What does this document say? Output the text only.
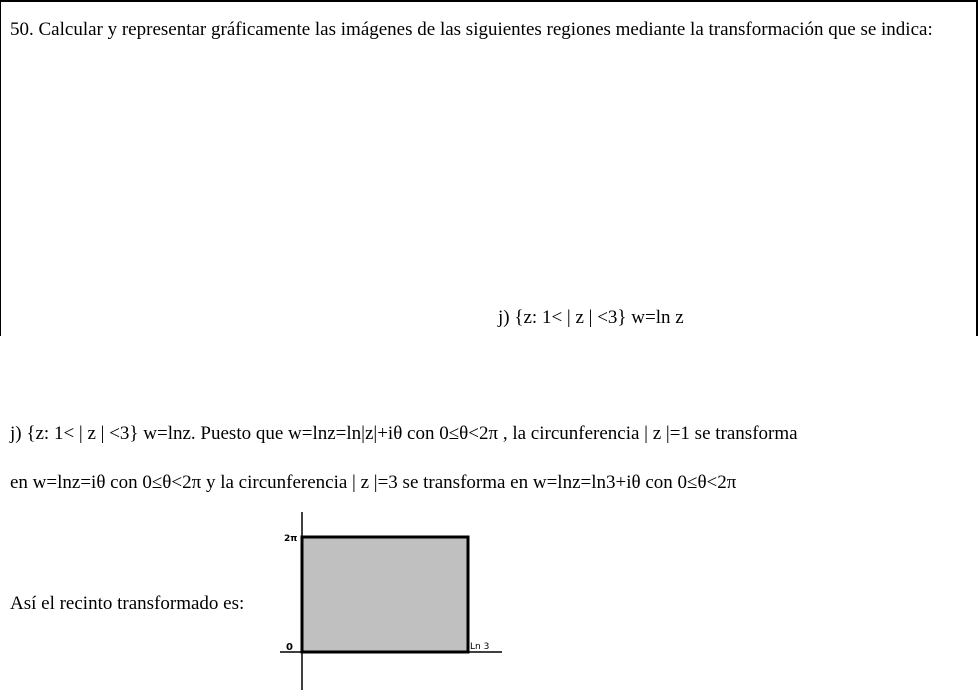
50. Calcular y representar gráficamente las imágenes de las siguientes regiones mediante la transformación que se indica:
j) {z: 1< | z | <3} w=ln z
j) {z: 1< | z | <3} w=lnz. Puesto que w=lnz=ln|z|+iθ con 0≤θ<2π , la circunferencia | z |=1 se transforma
en w=lnz=iθ con 0≤θ<2π y la circunferencia | z |=3 se transforma en w=lnz=ln3+iθ con 0≤θ<2π
Así el recinto transformado es:
0
2π
Ln 3
